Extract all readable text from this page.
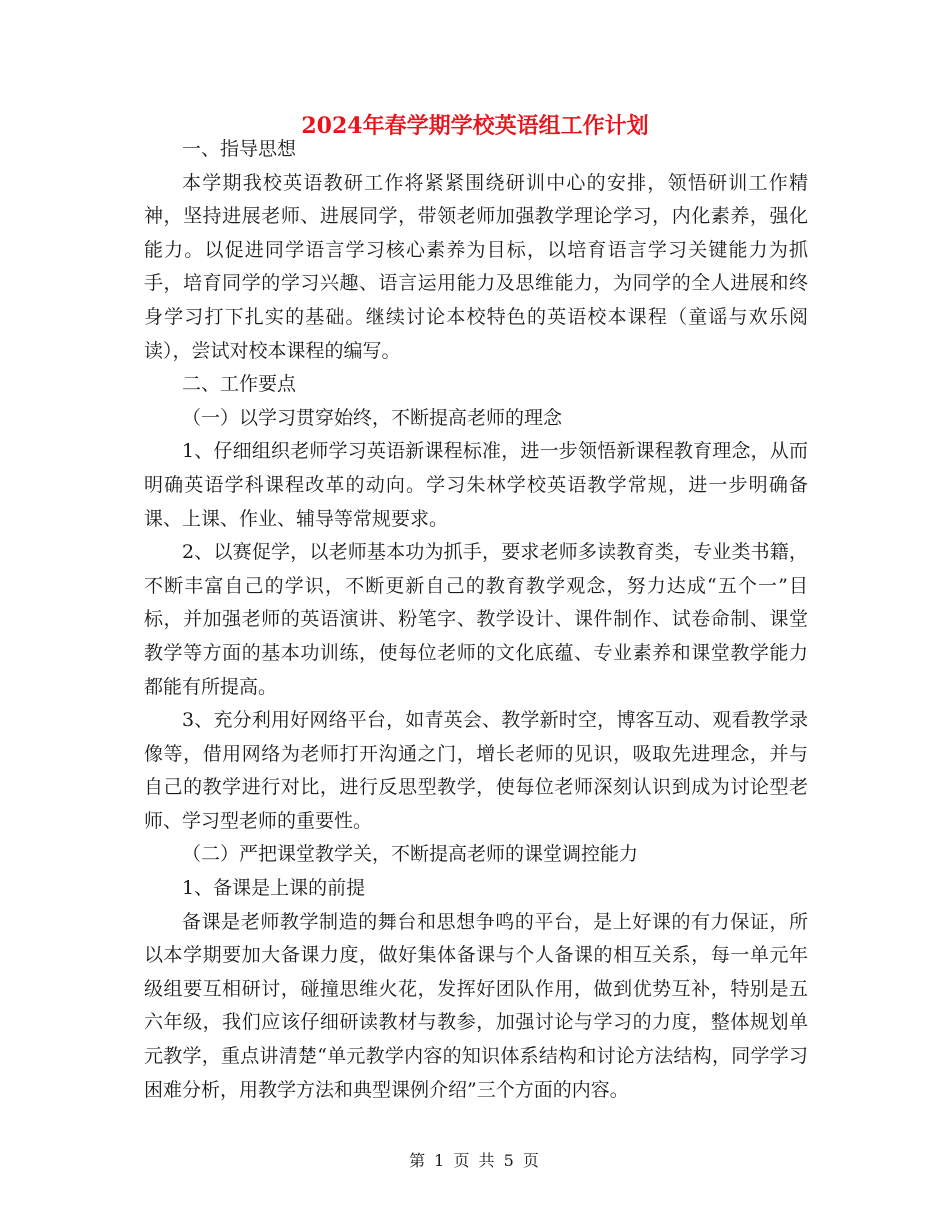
2024年春学期学校英语组工作计划

一、指导思想

本学期我校英语教研工作将紧紧围绕研训中心的安排，领悟研训工作精神，坚持进展老师、进展同学，带领老师加强教学理论学习，内化素养，强化能力。以促进同学语言学习核心素养为目标，以培育语言学习关键能力为抓手，培育同学的学习兴趣、语言运用能力及思维能力，为同学的全人进展和终身学习打下扎实的基础。继续讨论本校特色的英语校本课程（童谣与欢乐阅读），尝试对校本课程的编写。

二、工作要点

（一）以学习贯穿始终，不断提高老师的理念

1、仔细组织老师学习英语新课程标准，进一步领悟新课程教育理念，从而明确英语学科课程改革的动向。学习朱林学校英语教学常规，进一步明确备课、上课、作业、辅导等常规要求。

2、以赛促学，以老师基本功为抓手，要求老师多读教育类，专业类书籍，不断丰富自己的学识，不断更新自己的教育教学观念，努力达成“五个一”目标，并加强老师的英语演讲、粉笔字、教学设计、课件制作、试卷命制、课堂教学等方面的基本功训练，使每位老师的文化底蕴、专业素养和课堂教学能力都能有所提高。

3、充分利用好网络平台，如青英会、教学新时空，博客互动、观看教学录像等，借用网络为老师打开沟通之门，增长老师的见识，吸取先进理念，并与自己的教学进行对比，进行反思型教学，使每位老师深刻认识到成为讨论型老师、学习型老师的重要性。

（二）严把课堂教学关，不断提高老师的课堂调控能力

1、备课是上课的前提

备课是老师教学制造的舞台和思想争鸣的平台，是上好课的有力保证，所以本学期要加大备课力度，做好集体备课与个人备课的相互关系，每一单元年级组要互相研讨，碰撞思维火花，发挥好团队作用，做到优势互补，特别是五六年级，我们应该仔细研读教材与教参，加强讨论与学习的力度，整体规划单元教学，重点讲清楚“单元教学内容的知识体系结构和讨论方法结构，同学学习困难分析，用教学方法和典型课例介绍”三个方面的内容。

第 1 页 共 5 页
